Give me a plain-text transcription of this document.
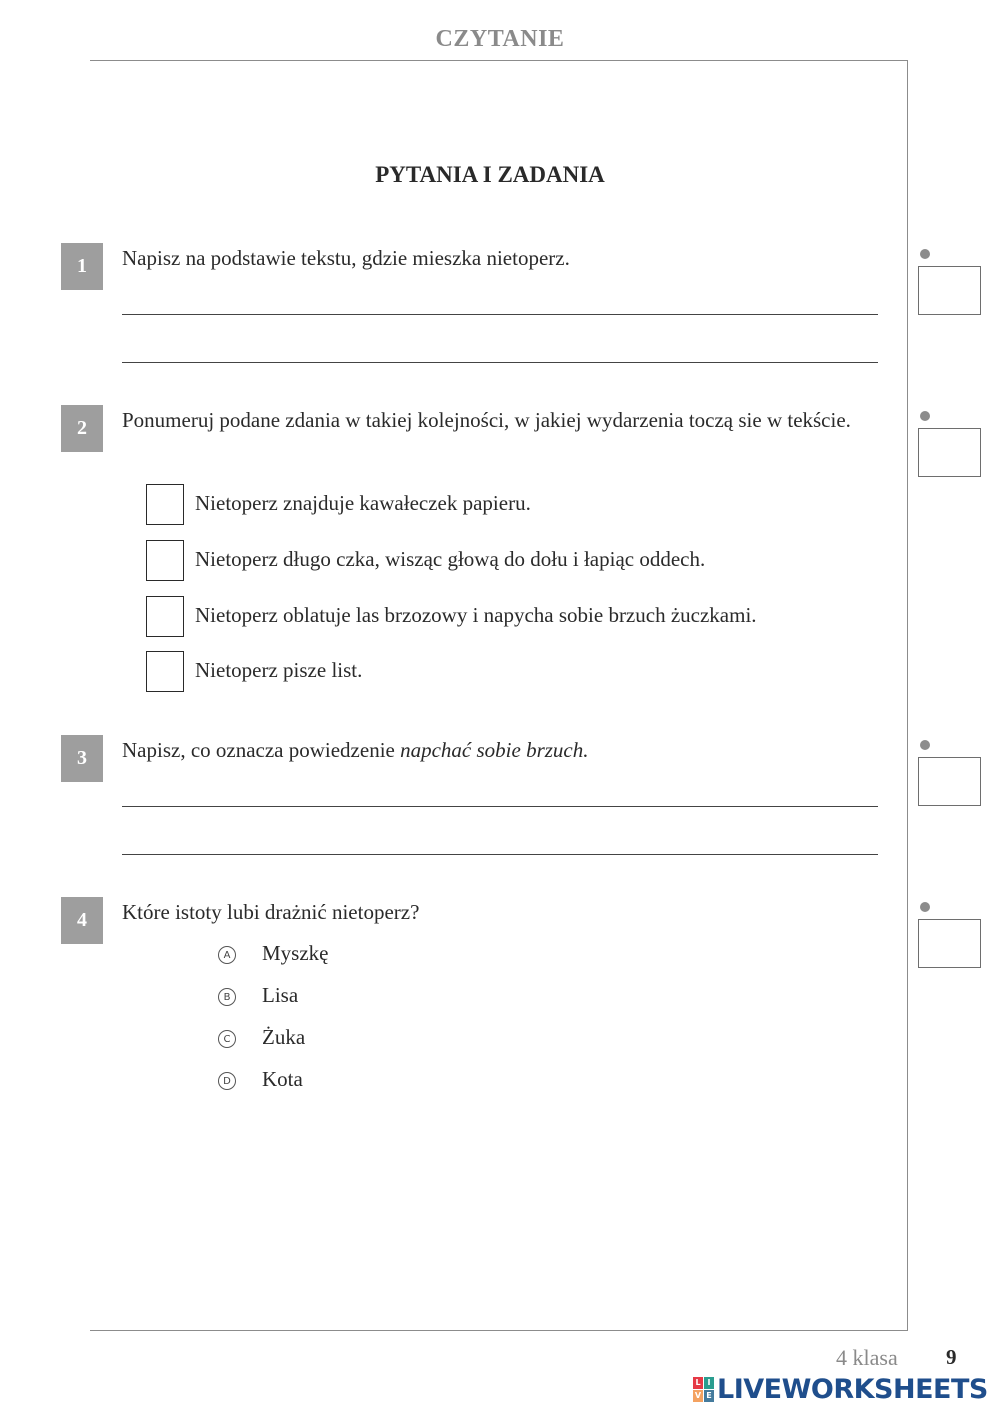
CZYTANIE
PYTANIA I ZADANIA
1	Napisz na podstawie tekstu, gdzie mieszka nietoperz.
2	Ponumeruj podane zdania w takiej kolejności, w jakiej wydarzenia toczą sie w tekście.
Nietoperz znajduje kawałeczek papieru.
Nietoperz długo czka, wisząc głową do dołu i łapiąc oddech.
Nietoperz oblatuje las brzozowy i napycha sobie brzuch żuczkami.
Nietoperz pisze list.
3	Napisz, co oznacza powiedzenie napchać sobie brzuch.
4	Które istoty lubi drażnić nietoperz?
A Myszkę
B Lisa
C Żuka
D Kota
4 klasa 9
L I
V E LIVEWORKSHEETS
